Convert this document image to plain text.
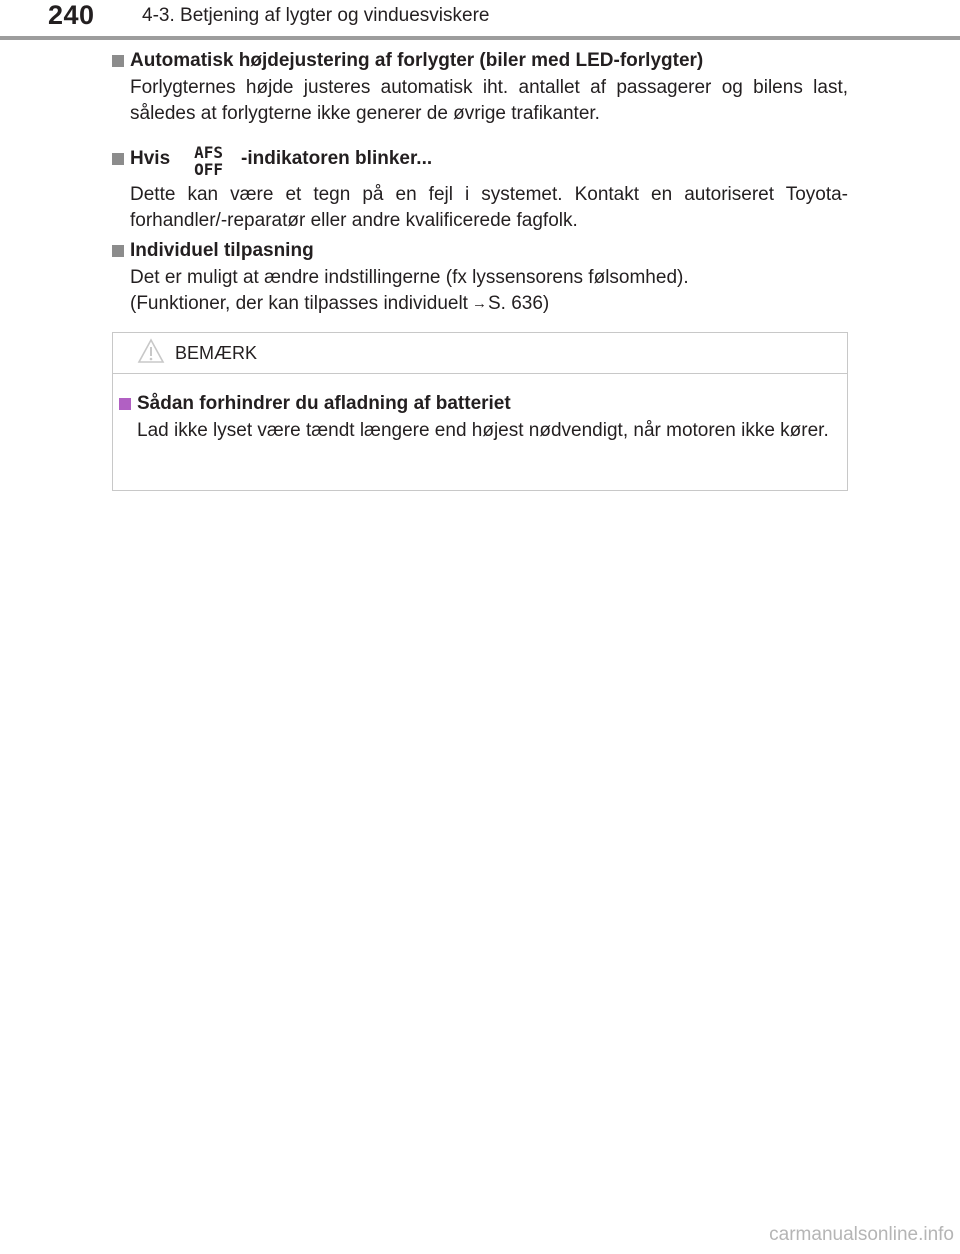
240 4-3. Betjening af lygter og vinduesviskere
Automatisk højdejustering af forlygter (biler med LED-forlygter)
Forlygternes højde justeres automatisk iht. antallet af passagerer og bilens last, således at forlygterne ikke generer de øvrige trafikanter.
Hvis AFS
OFF
-indikatoren blinker...
Dette kan være et tegn på en fejl i systemet. Kontakt en autoriseret Toyota-forhandler/-reparatør eller andre kvalificerede fagfolk.
Individuel tilpasning
Det er muligt at ændre indstillingerne (fx lyssensorens følsomhed).
(Funktioner, der kan tilpasses individuelt →S. 636)
BEMÆRK
Sådan forhindrer du afladning af batteriet
Lad ikke lyset være tændt længere end højest nødvendigt, når motoren ikke kører.
carmanualsonline.info
